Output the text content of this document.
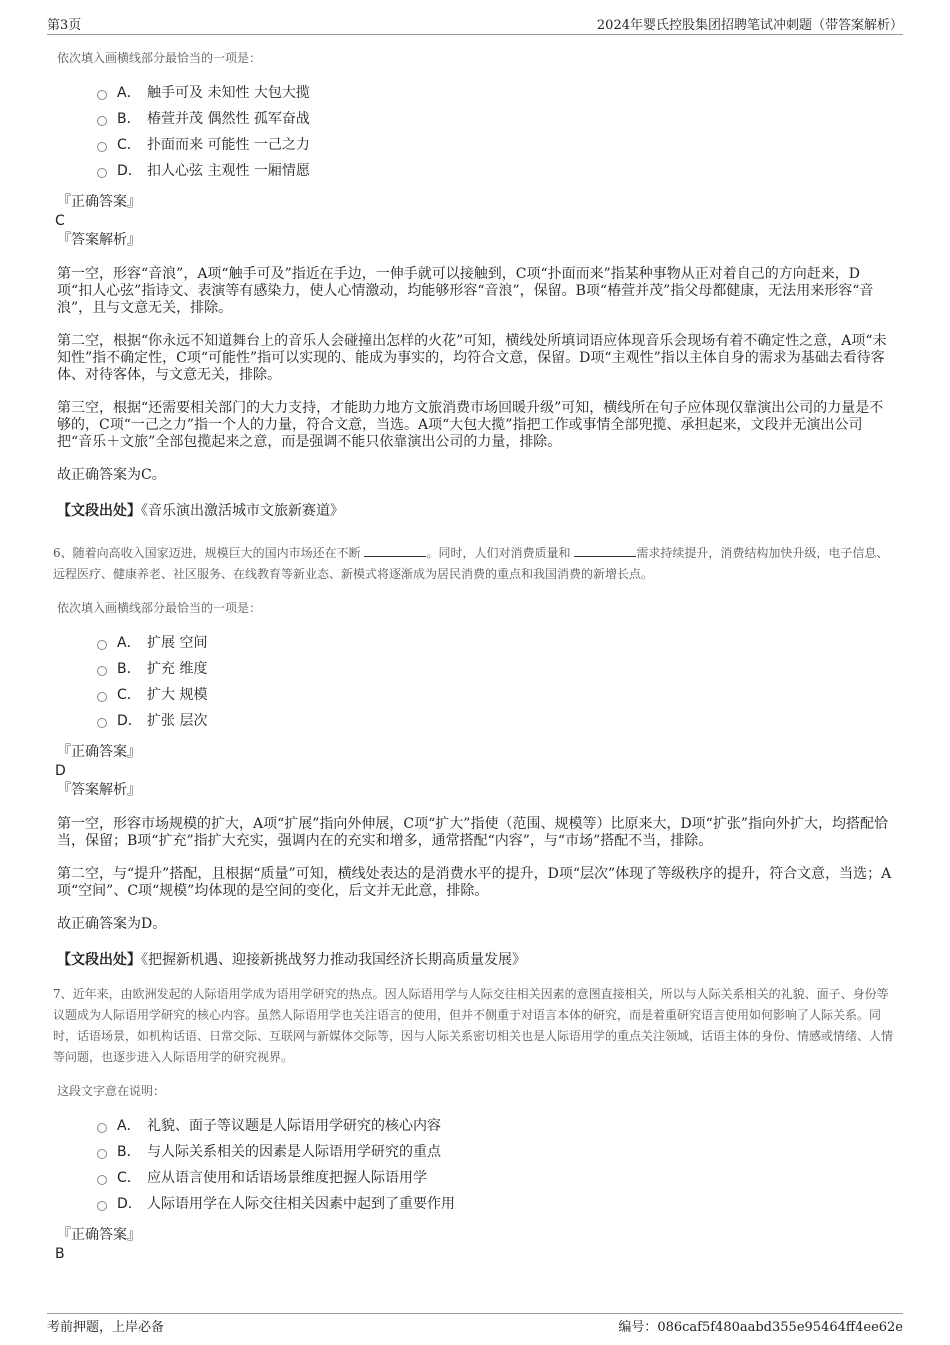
第3页	2024年婴氏控股集团招聘笔试冲刺题（带答案解析）

依次填入画横线部分最恰当的一项是：

A． 触手可及 未知性 大包大揽
B． 椿萱并茂 偶然性 孤军奋战
C． 扑面而来 可能性 一己之力
D． 扣人心弦 主观性 一厢情愿

『正确答案』

C

『答案解析』

第一空，形容“音浪”，A项“触手可及”指近在手边，一伸手就可以接触到，C项“扑面而来”指某种事物从正对着自己的方向赶来，D项“扣人心弦”指诗文、表演等有感染力，使人心情激动，均能够形容“音浪”，保留。B项“椿萱并茂”指父母都健康，无法用来形容“音浪”，且与文意无关，排除。

第二空，根据“你永远不知道舞台上的音乐人会碰撞出怎样的火花”可知，横线处所填词语应体现音乐会现场有着不确定性之意，A项“未知性”指不确定性，C项“可能性”指可以实现的、能成为事实的，均符合文意，保留。D项“主观性”指以主体自身的需求为基础去看待客体、对待客体，与文意无关，排除。

第三空，根据“还需要相关部门的大力支持，才能助力地方文旅消费市场回暖升级”可知，横线所在句子应体现仅靠演出公司的力量是不够的，C项“一己之力”指一个人的力量，符合文意，当选。A项“大包大揽”指把工作或事情全部兜揽、承担起来，文段并无演出公司把“音乐＋文旅”全部包揽起来之意，而是强调不能只依靠演出公司的力量，排除。

故正确答案为C。

【文段出处】《音乐演出激活城市文旅新赛道》

6、随着向高收入国家迈进，规模巨大的国内市场还在不断	。同时，人们对消费质量和	需求持续提升，消费结构加快升级，电子信息、远程医疗、健康养老、社区服务、在线教育等新业态、新模式将逐渐成为居民消费的重点和我国消费的新增长点。

依次填入画横线部分最恰当的一项是：

A． 扩展 空间
B． 扩充 维度
C． 扩大 规模
D． 扩张 层次

『正确答案』

D

『答案解析』

第一空，形容市场规模的扩大，A项“扩展”指向外伸展，C项“扩大”指使（范围、规模等）比原来大，D项“扩张”指向外扩大，均搭配恰当，保留；B项“扩充”指扩大充实，强调内在的充实和增多，通常搭配“内容”，与“市场”搭配不当，排除。

第二空，与“提升”搭配，且根据“质量”可知，横线处表达的是消费水平的提升，D项“层次”体现了等级秩序的提升，符合文意，当选；A项“空间”、C项“规模”均体现的是空间的变化，后文并无此意，排除。

故正确答案为D。

【文段出处】《把握新机遇、迎接新挑战努力推动我国经济长期高质量发展》

7、近年来，由欧洲发起的人际语用学成为语用学研究的热点。因人际语用学与人际交往相关因素的意图直接相关，所以与人际关系相关的礼貌、面子、身份等议题成为人际语用学研究的核心内容。虽然人际语用学也关注语言的使用，但并不侧重于对语言本体的研究，而是着重研究语言使用如何影响了人际关系。同时，话语场景，如机构话语、日常交际、互联网与新媒体交际等，因与人际关系密切相关也是人际语用学的重点关注领域，话语主体的身份、情感或情绪、人情等问题，也逐步进入人际语用学的研究视界。

这段文字意在说明：

A． 礼貌、面子等议题是人际语用学研究的核心内容
B． 与人际关系相关的因素是人际语用学研究的重点
C． 应从语言使用和话语场景维度把握人际语用学
D． 人际语用学在人际交往相关因素中起到了重要作用

『正确答案』

B

考前押题，上岸必备	编号：086caf5f480aabd355e95464ff4ee62e
